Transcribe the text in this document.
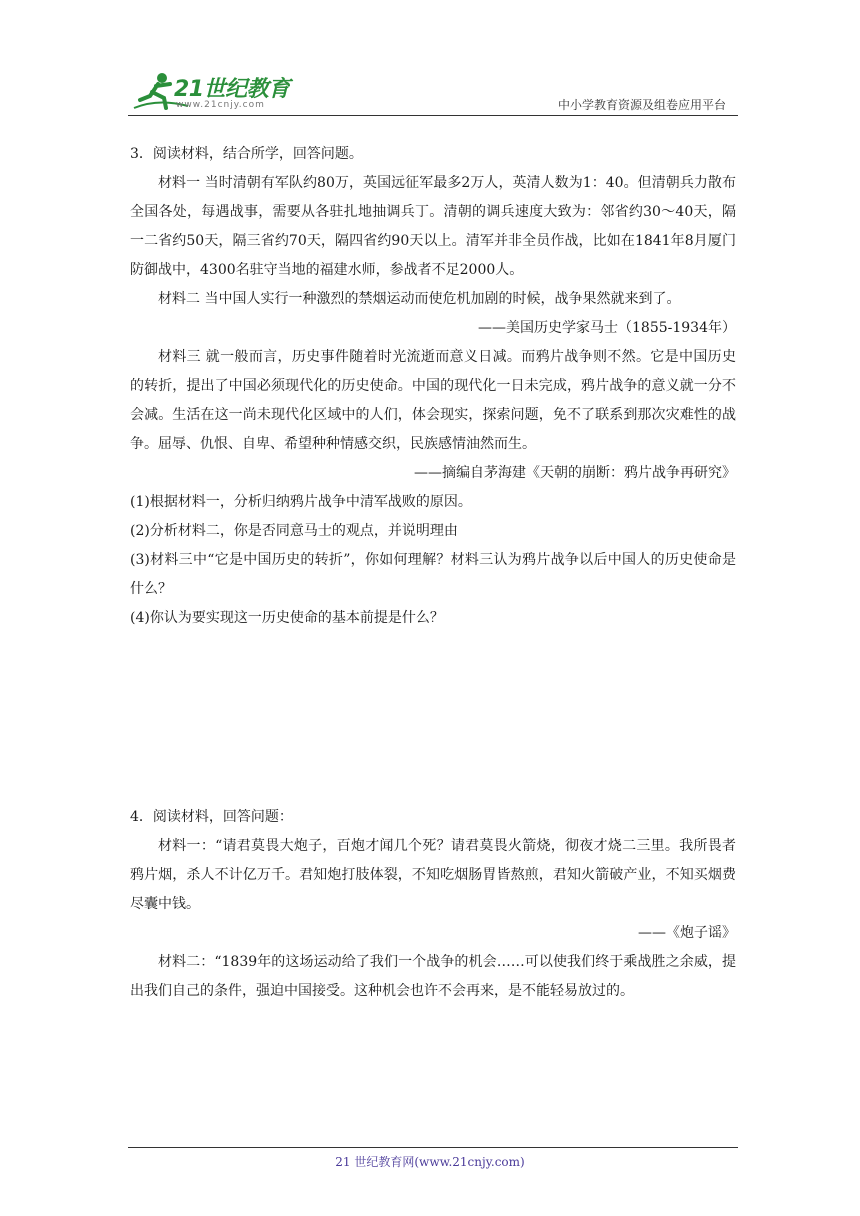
21世纪教育
www.21cnjy.com	中小学教育资源及组卷应用平台

3．阅读材料，结合所学，回答问题。

材料一 当时清朝有军队约80万，英国远征军最多2万人，英清人数为1：40。但清朝兵力散布全国各处，每遇战事，需要从各驻扎地抽调兵丁。清朝的调兵速度大致为：邻省约30～40天，隔一二省约50天，隔三省约70天，隔四省约90天以上。清军并非全员作战，比如在1841年8月厦门防御战中，4300名驻守当地的福建水师，参战者不足2000人。

材料二 当中国人实行一种激烈的禁烟运动而使危机加剧的时候，战争果然就来到了。

——美国历史学家马士（1855-1934年）

材料三 就一般而言，历史事件随着时光流逝而意义日减。而鸦片战争则不然。它是中国历史的转折，提出了中国必须现代化的历史使命。中国的现代化一日未完成，鸦片战争的意义就一分不会减。生活在这一尚未现代化区域中的人们，体会现实，探索问题，免不了联系到那次灾难性的战争。屈辱、仇恨、自卑、希望种种情感交织，民族感情油然而生。

——摘编自茅海建《天朝的崩断：鸦片战争再研究》

(1)根据材料一，分析归纳鸦片战争中清军战败的原因。

(2)分析材料二，你是否同意马士的观点，并说明理由

(3)材料三中“它是中国历史的转折”，你如何理解？材料三认为鸦片战争以后中国人的历史使命是什么？

(4)你认为要实现这一历史使命的基本前提是什么？

4．阅读材料，回答问题：

材料一：“请君莫畏大炮子，百炮才闻几个死？请君莫畏火箭烧，彻夜才烧二三里。我所畏者鸦片烟，杀人不计亿万千。君知炮打肢体裂，不知吃烟肠胃皆熬煎，君知火箭破产业，不知买烟费尽囊中钱。

——《炮子谣》

材料二：“1839年的这场运动给了我们一个战争的机会……可以使我们终于乘战胜之余威，提出我们自己的条件，强迫中国接受。这种机会也许不会再来，是不能轻易放过的。

21 世纪教育网(www.21cnjy.com)
